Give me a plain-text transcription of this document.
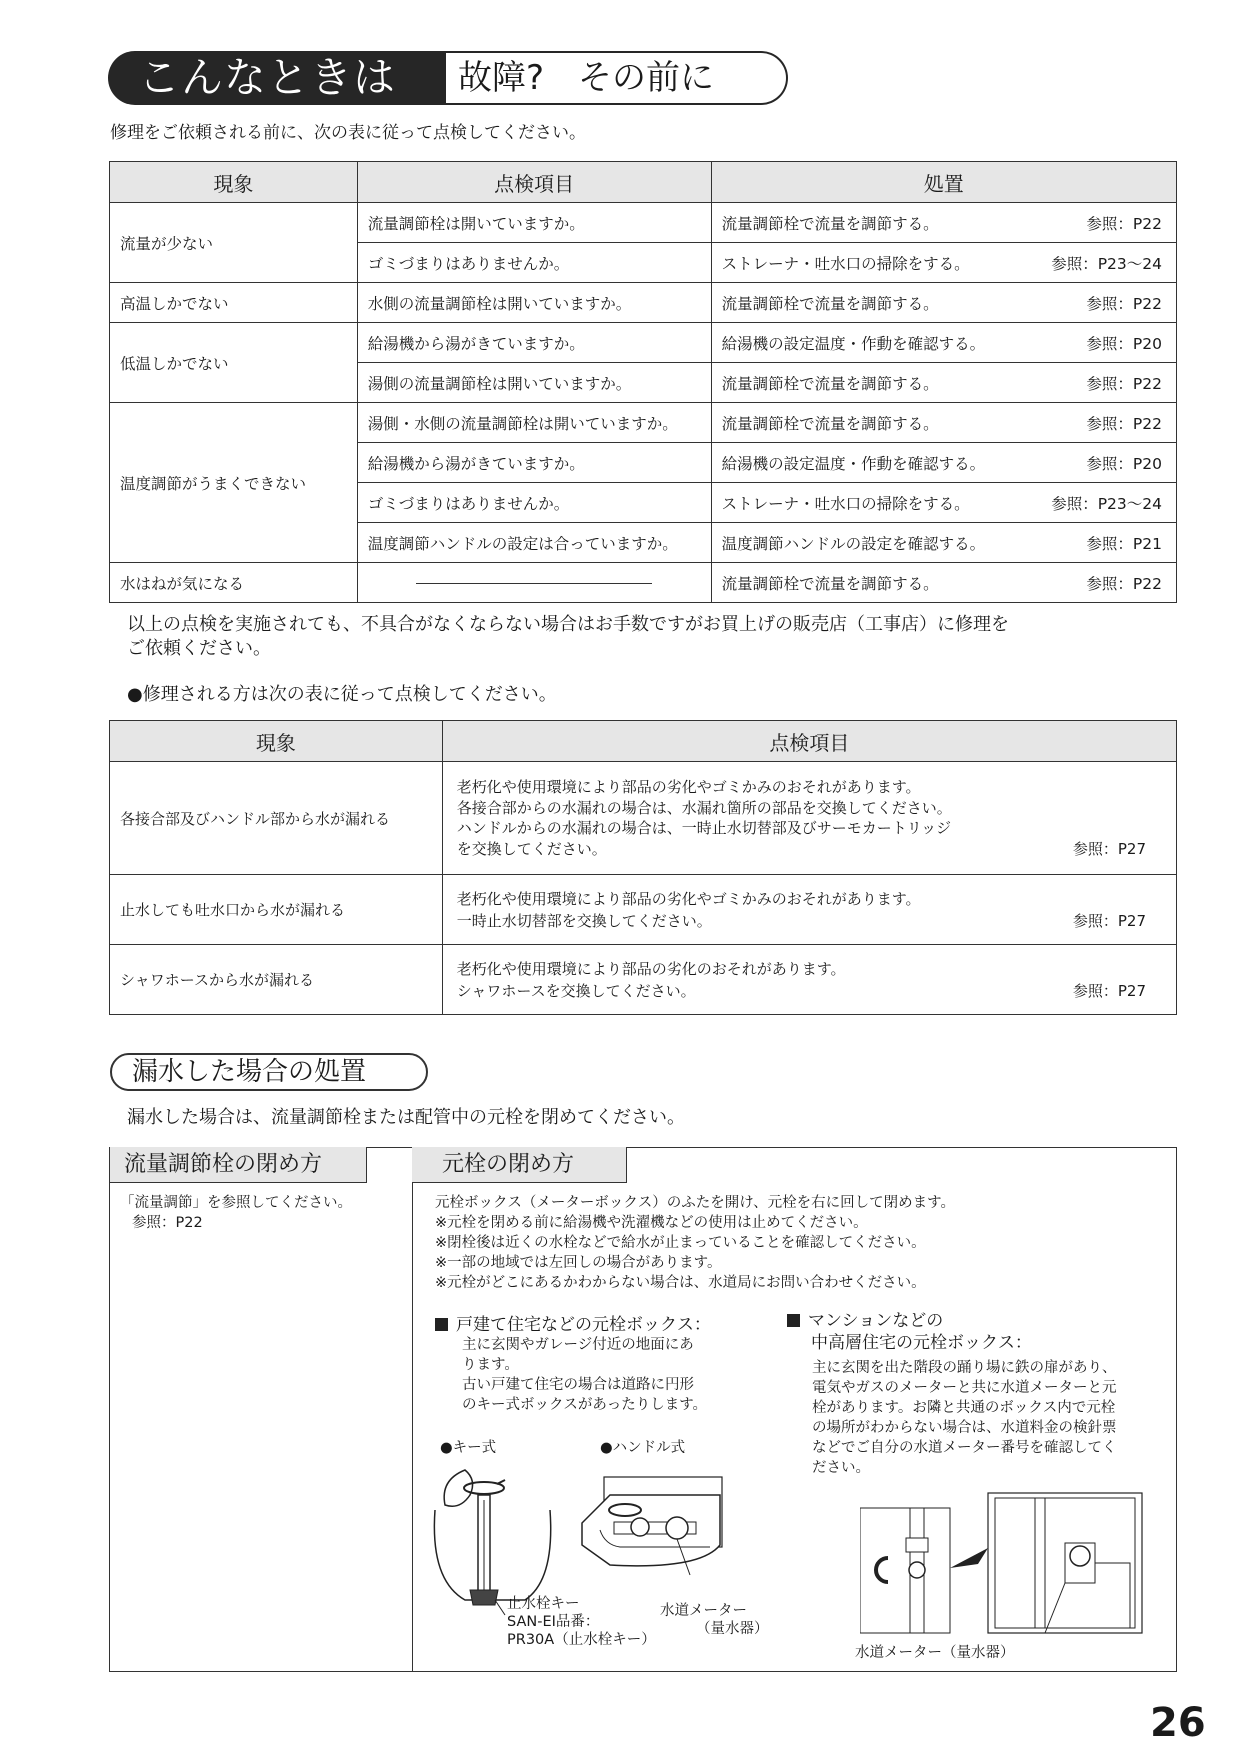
こんなときは	故障?　その前に
修理をご依頼される前に、次の表に従って点検してください。
現象	点検項目	処置
流量が少ない	流量調節栓は開いていますか。	流量調節栓で流量を調節する。 参照：P22

	ゴミづまりはありませんか。	ストレーナ・吐水口の掃除をする。 参照：P23～24

高温しかでない	水側の流量調節栓は開いていますか。	流量調節栓で流量を調節する。 参照：P22

低温しかでない	給湯機から湯がきていますか。	給湯機の設定温度・作動を確認する。 参照：P20

	湯側の流量調節栓は開いていますか。	流量調節栓で流量を調節する。 参照：P22

温度調節がうまくできない	湯側・水側の流量調節栓は開いていますか。	流量調節栓で流量を調節する。 参照：P22

	給湯機から湯がきていますか。	給湯機の設定温度・作動を確認する。 参照：P20

	ゴミづまりはありませんか。	ストレーナ・吐水口の掃除をする。 参照：P23～24

	温度調節ハンドルの設定は合っていますか。	温度調節ハンドルの設定を確認する。 参照：P21

水はねが気になる		流量調節栓で流量を調節する。 参照：P22
以上の点検を実施されても、不具合がなくならない場合はお手数ですがお買上げの販売店（工事店）に修理を
ご依頼ください。
●修理される方は次の表に従って点検してください。
現象	点検項目
各接合部及びハンドル部から水が漏れる	老朽化や使用環境により部品の劣化やゴミかみのおそれがあります。
各接合部からの水漏れの場合は、水漏れ箇所の部品を交換してください。
ハンドルからの水漏れの場合は、一時止水切替部及びサーモカートリッジ
を交換してください。 参照：P27

止水しても吐水口から水が漏れる	老朽化や使用環境により部品の劣化やゴミかみのおそれがあります。
一時止水切替部を交換してください。 参照：P27

シャワホースから水が漏れる	老朽化や使用環境により部品の劣化のおそれがあります。
シャワホースを交換してください。 参照：P27
漏水した場合の処置
漏水した場合は、流量調節栓または配管中の元栓を閉めてください。
流量調節栓の閉め方
「流量調節」を参照してください。
参照：P22
元栓の閉め方
元栓ボックス（メーターボックス）のふたを開け、元栓を右に回して閉めます。
※元栓を閉める前に給湯機や洗濯機などの使用は止めてください。
※閉栓後は近くの水栓などで給水が止まっていることを確認してください。
※一部の地域では左回しの場合があります。
※元栓がどこにあるかわからない場合は、水道局にお問い合わせください。
戸建て住宅などの元栓ボックス：
主に玄関やガレージ付近の地面にあ
ります。
古い戸建て住宅の場合は道路に円形
のキー式ボックスがあったりします。
●キー式	●ハンドル式
止水栓キー
SAN-EI品番：
PR30A（止水栓キー）
水道メーター
（量水器）
マンションなどの
中高層住宅の元栓ボックス：
主に玄関を出た階段の踊り場に鉄の扉があり、
電気やガスのメーターと共に水道メーターと元
栓があります。お隣と共通のボックス内で元栓
の場所がわからない場合は、水道料金の検針票
などでご自分の水道メーター番号を確認してく
ださい。
水道メーター（量水器）
26
